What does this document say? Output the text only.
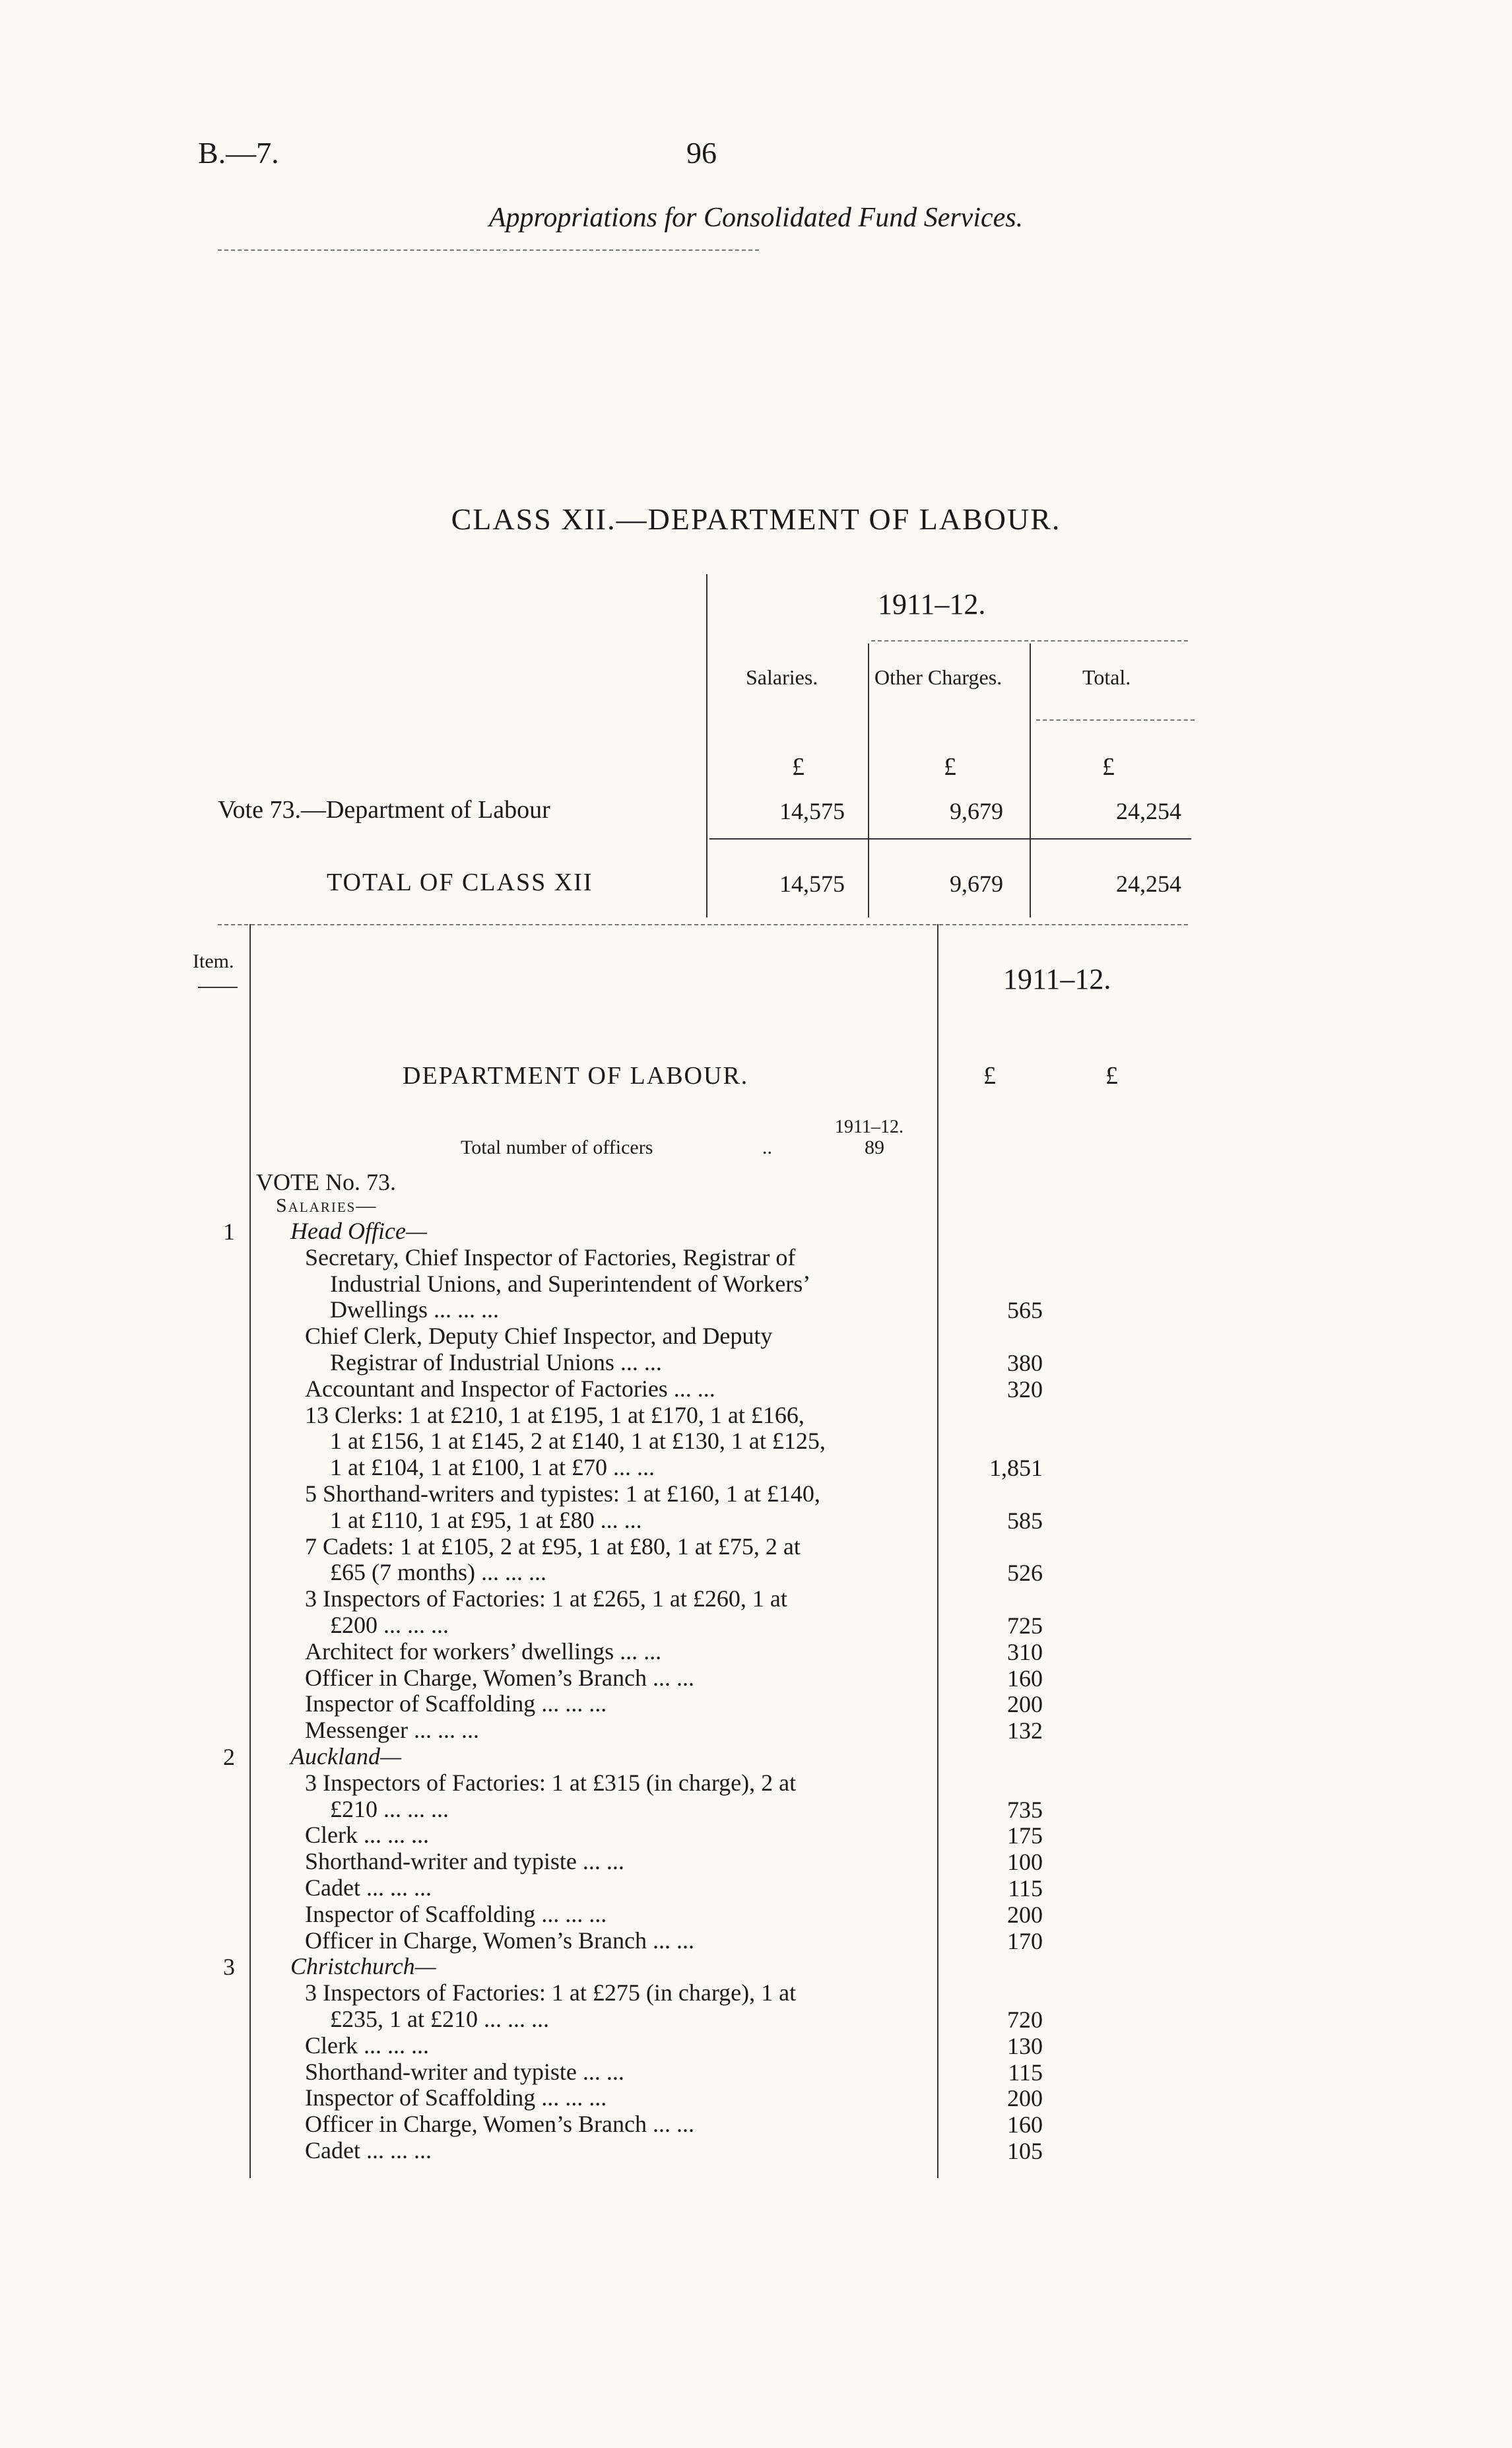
B.—7.	96
Appropriations for Consolidated Fund Services.
CLASS XII.—DEPARTMENT OF LABOUR.
1911–12.
Salaries.	Other Charges.	Total.
£	£	£
Vote 73.—Department of Labour	14,575	9,679	24,254
TOTAL OF CLASS XII	14,575	9,679	24,254
Item.
1911–12.
£	£
DEPARTMENT OF LABOUR.
1911–12.
Total number of officers	..	89
VOTE No. 73.
Salaries—
1	Head Office—
Secretary, Chief Inspector of Factories, Registrar of
Industrial Unions, and Superintendent of Workers’
Dwellings ... ... ...	565
Chief Clerk, Deputy Chief Inspector, and Deputy
Registrar of Industrial Unions ... ...	380
Accountant and Inspector of Factories ... ...	320
13 Clerks: 1 at £210, 1 at £195, 1 at £170, 1 at £166,
1 at £156, 1 at £145, 2 at £140, 1 at £130, 1 at £125,
1 at £104, 1 at £100, 1 at £70 ... ...	1,851
5 Shorthand-writers and typistes: 1 at £160, 1 at £140,
1 at £110, 1 at £95, 1 at £80 ... ...	585
7 Cadets: 1 at £105, 2 at £95, 1 at £80, 1 at £75, 2 at
£65 (7 months) ... ... ...	526
3 Inspectors of Factories: 1 at £265, 1 at £260, 1 at
£200 ... ... ...	725
Architect for workers’ dwellings ... ...	310
Officer in Charge, Women’s Branch ... ...	160
Inspector of Scaffolding ... ... ...	200
Messenger ... ... ...	132
2	Auckland—
3 Inspectors of Factories: 1 at £315 (in charge), 2 at
£210 ... ... ...	735
Clerk ... ... ...	175
Shorthand-writer and typiste ... ...	100
Cadet ... ... ...	115
Inspector of Scaffolding ... ... ...	200
Officer in Charge, Women’s Branch ... ...	170
3	Christchurch—
3 Inspectors of Factories: 1 at £275 (in charge), 1 at
£235, 1 at £210 ... ... ...	720
Clerk ... ... ...	130
Shorthand-writer and typiste ... ...	115
Inspector of Scaffolding ... ... ...	200
Officer in Charge, Women’s Branch ... ...	160
Cadet ... ... ...	105
